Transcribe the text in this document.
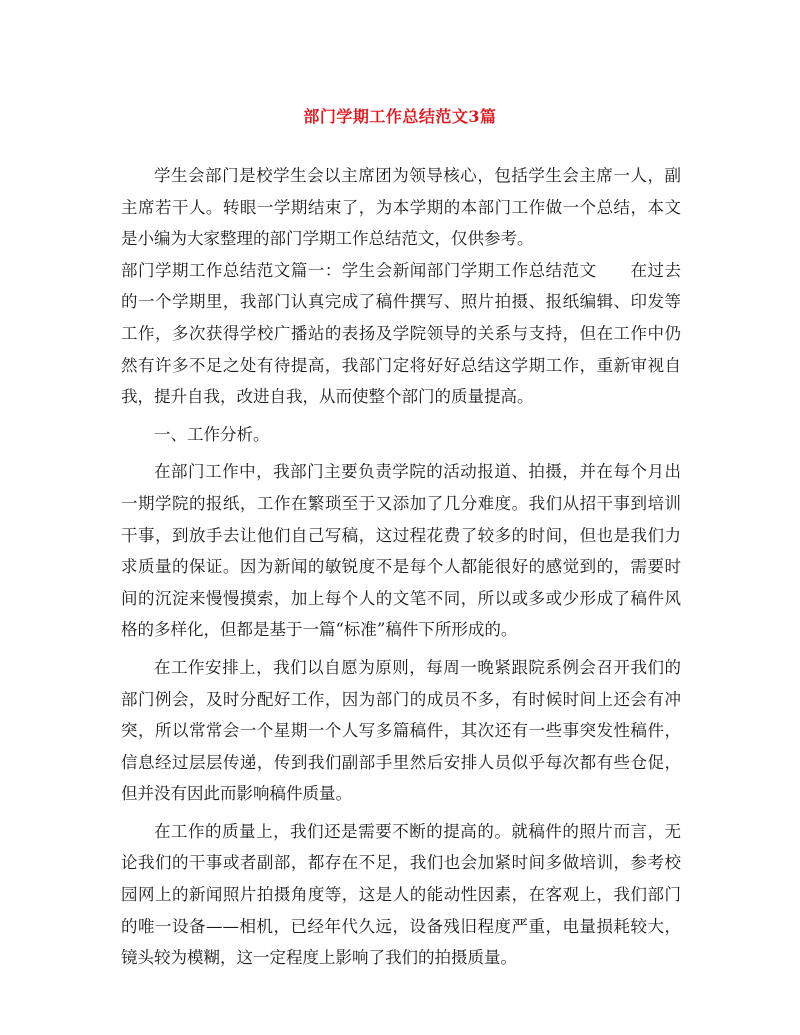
部门学期工作总结范文3篇

学生会部门是校学生会以主席团为领导核心，包括学生会主席一人，副主席若干人。转眼一学期结束了，为本学期的本部门工作做一个总结，本文是小编为大家整理的部门学期工作总结范文，仅供参考。

部门学期工作总结范文篇一：学生会新闻部门学期工作总结范文　　在过去的一个学期里，我部门认真完成了稿件撰写、照片拍摄、报纸编辑、印发等工作，多次获得学校广播站的表扬及学院领导的关系与支持，但在工作中仍然有许多不足之处有待提高，我部门定将好好总结这学期工作，重新审视自我，提升自我，改进自我，从而使整个部门的质量提高。

一、工作分析。

在部门工作中，我部门主要负责学院的活动报道、拍摄，并在每个月出一期学院的报纸，工作在繁琐至于又添加了几分难度。我们从招干事到培训干事，到放手去让他们自己写稿，这过程花费了较多的时间，但也是我们力求质量的保证。因为新闻的敏锐度不是每个人都能很好的感觉到的，需要时间的沉淀来慢慢摸索，加上每个人的文笔不同，所以或多或少形成了稿件风格的多样化，但都是基于一篇“标准”稿件下所形成的。

在工作安排上，我们以自愿为原则，每周一晚紧跟院系例会召开我们的部门例会，及时分配好工作，因为部门的成员不多，有时候时间上还会有冲突，所以常常会一个星期一个人写多篇稿件，其次还有一些事突发性稿件，信息经过层层传递，传到我们副部手里然后安排人员似乎每次都有些仓促，但并没有因此而影响稿件质量。

在工作的质量上，我们还是需要不断的提高的。就稿件的照片而言，无论我们的干事或者副部，都存在不足，我们也会加紧时间多做培训，参考校园网上的新闻照片拍摄角度等，这是人的能动性因素，在客观上，我们部门的唯一设备——相机，已经年代久远，设备残旧程度严重，电量损耗较大，镜头较为模糊，这一定程度上影响了我们的拍摄质量。
